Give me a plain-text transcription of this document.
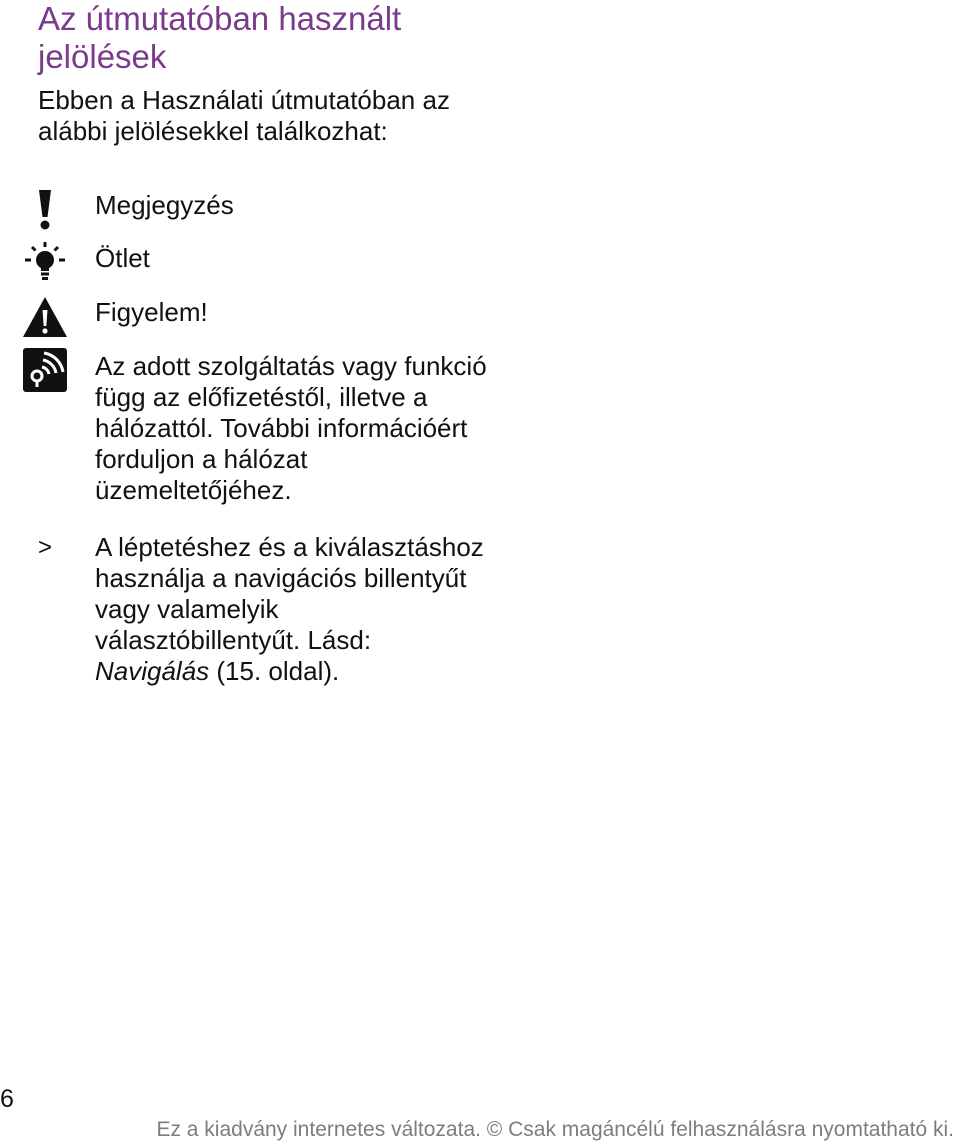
Az útmutatóban használt
jelölések

Ebben a Használati útmutatóban az
alábbi jelölésekkel találkozhat:

Megjegyzés

Ötlet

Figyelem!

Az adott szolgáltatás vagy funkció
függ az előfizetéstől, illetve a
hálózattól. További információért
forduljon a hálózat
üzemeltetőjéhez.

> A léptetéshez és a kiválasztáshoz
használja a navigációs billentyűt
vagy valamelyik
választóbillentyűt. Lásd:
Navigálás (15. oldal).

6
Ez a kiadvány internetes változata. © Csak magáncélú felhasználásra nyomtatható ki.
